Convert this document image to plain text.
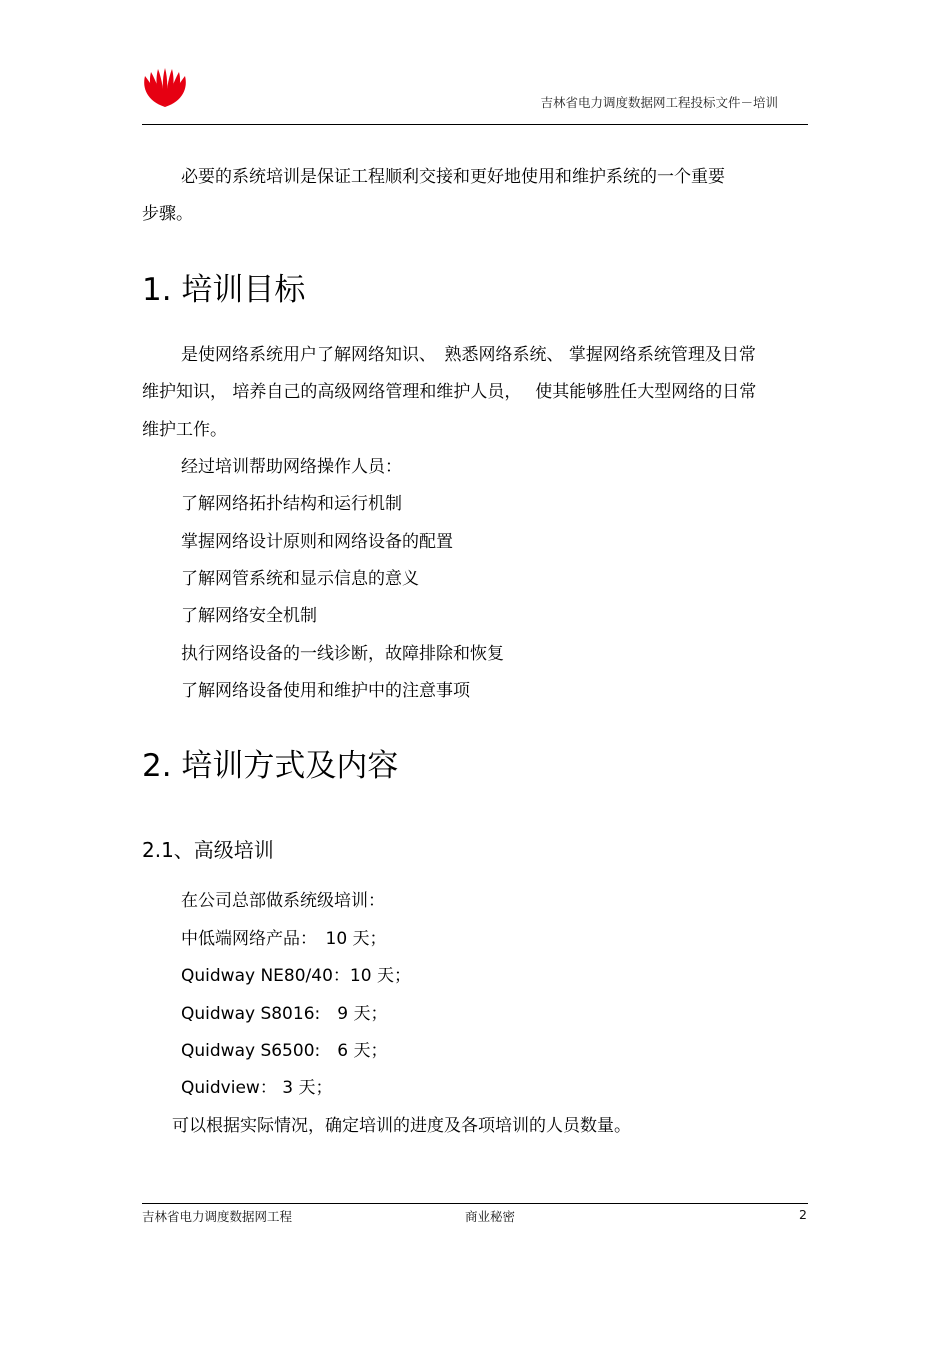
吉林省电力调度数据网工程投标文件－培训
必要的系统培训是保证工程顺利交接和更好地使用和维护系统的一个重要
步骤。
1. 培训目标
是使网络系统用户了解网络知识、　熟悉网络系统、 掌握网络系统管理及日常
维护知识， 培养自己的高级网络管理和维护人员，　 使其能够胜任大型网络的日常
维护工作。
经过培训帮助网络操作人员：
了解网络拓扑结构和运行机制
掌握网络设计原则和网络设备的配置
了解网管系统和显示信息的意义
了解网络安全机制
执行网络设备的一线诊断，故障排除和恢复
了解网络设备使用和维护中的注意事项
2. 培训方式及内容
2.1、高级培训
在公司总部做系统级培训：
中低端网络产品：　10 天；
Quidway NE80/40：10 天；
Quidway S8016:　9 天；
Quidway S6500:　6 天；
Quidview： 3 天；
可以根据实际情况，确定培训的进度及各项培训的人员数量。
吉林省电力调度数据网工程	商业秘密	2
